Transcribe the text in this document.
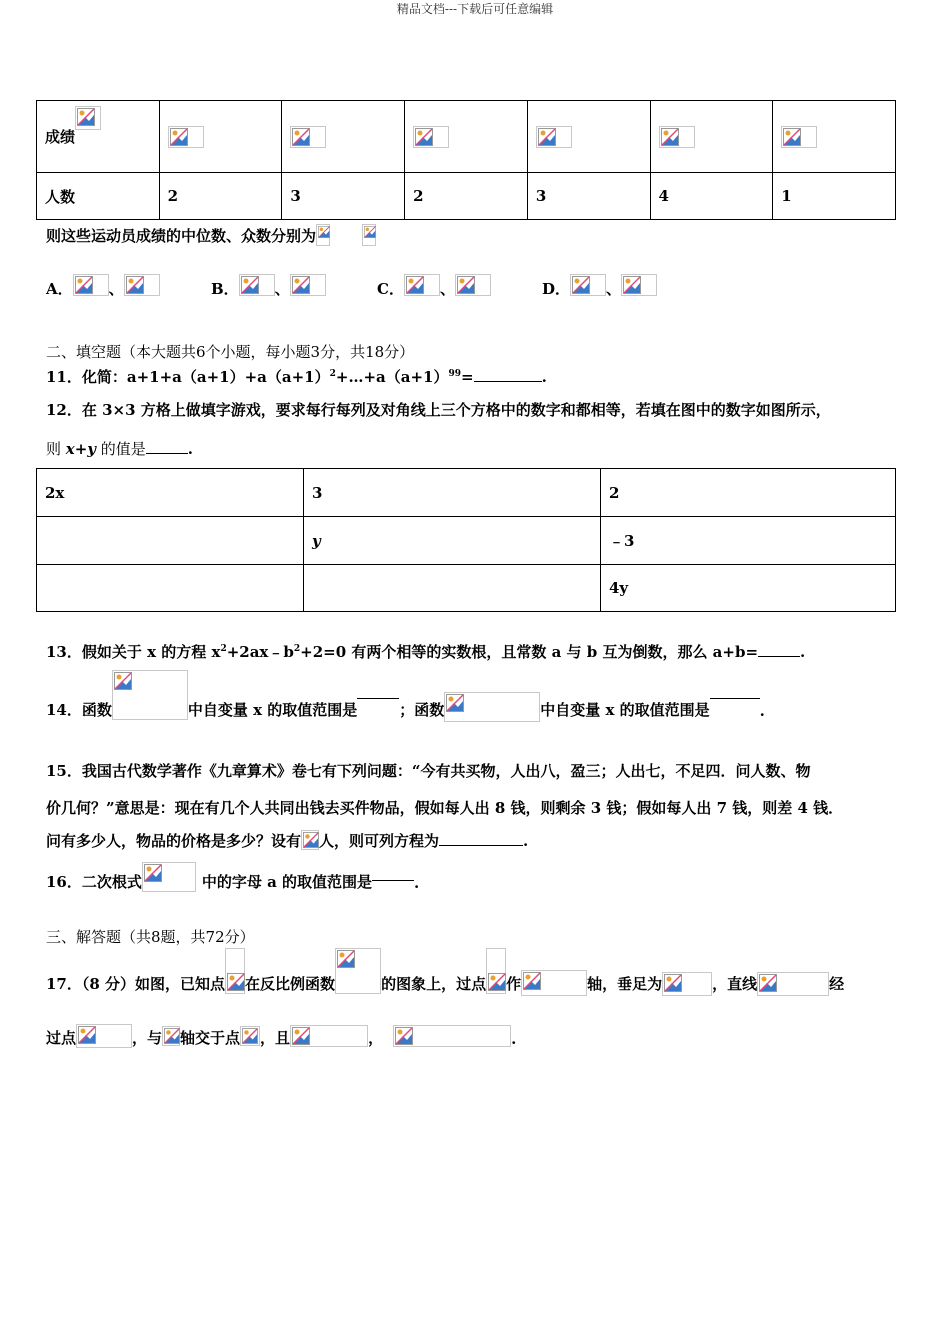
精品文档---下载后可任意编辑
成绩

人数	2	3	2	3	4	1
则这些运动员成绩的中位数、众数分别为
A． 、	B． 、	C． 、	D． 、
二、填空题（本大题共6个小题，每小题3分，共18分）
11．化简：$a+1+a(a+1)+a(a+1)^2+\dots+a(a+1)^{99}=$	.
12．在 3×3 方格上做填字游戏，要求每行每列及对角线上三个方格中的数字和都相等，若填在图中的数字如图所示，
则 x+y 的值是	.
2x	3	2
	y	﹣3
		4y
13．假如关于 x 的方程 $x^2+2ax﹣b^2+2=0$ 有两个相等的实数根，且常数 a 与 b 互为倒数，那么 a+b=	.
14．函数	中自变量 x 的取值范围是	；函数	中自变量 x 的取值范围是	.
15．我国古代数学著作《九章算术》卷七有下列问题：“今有共买物，人出八，盈三；人出七，不足四．问人数、物
价几何？”意思是：现在有几个人共同出钱去买件物品，假如每人出 8 钱，则剩余 3 钱；假如每人出 7 钱，则差 4 钱．
问有多少人，物品的价格是多少？设有 人，则可列方程为	.
16．二次根式	中的字母 a 的取值范围是	.
三、解答题（共8题，共72分）
17．（8 分）如图，已知点 在反比例函数	的图象上，过点 作	轴，垂足为	，直线	经
过点	，与 轴交于点 ，且	，	.
